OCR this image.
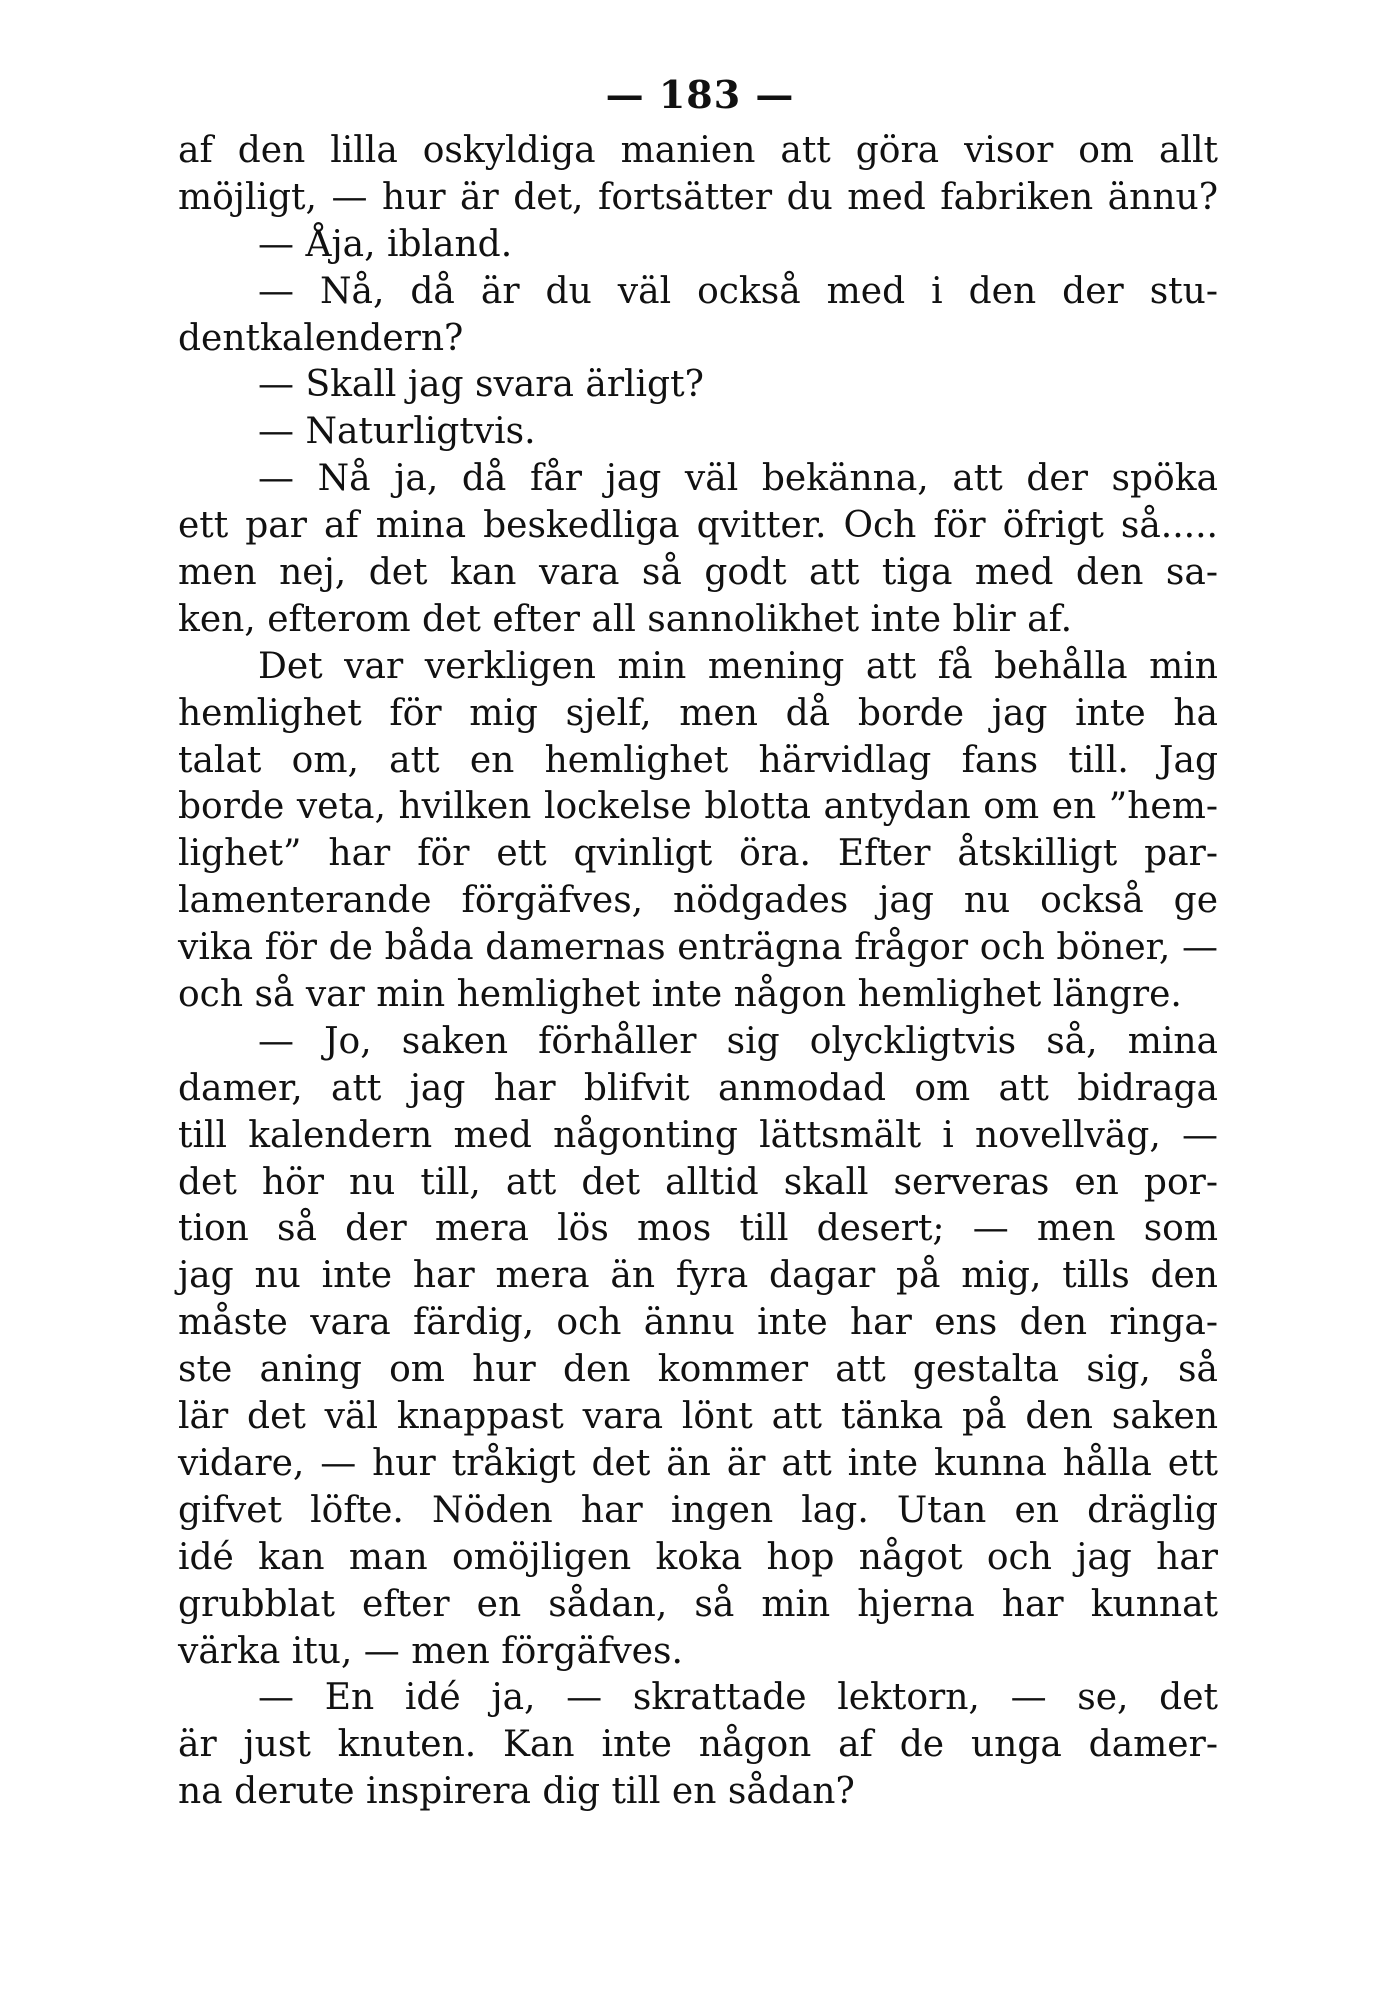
— 183 —
af den lilla oskyldiga manien att göra visor om allt
möjligt, — hur är det, fortsätter du med fabriken ännu?
— Åja, ibland.
— Nå, då är du väl också med i den der stu-
dentkalendern?
— Skall jag svara ärligt?
— Naturligtvis.
— Nå ja, då får jag väl bekänna, att der spöka
ett par af mina beskedliga qvitter. Och för öfrigt så.....
men nej, det kan vara så godt att tiga med den sa-
ken, efterom det efter all sannolikhet inte blir af.
Det var verkligen min mening att få behålla min
hemlighet för mig sjelf, men då borde jag inte ha
talat om, att en hemlighet härvidlag fans till. Jag
borde veta, hvilken lockelse blotta antydan om en ”hem-
lighet” har för ett qvinligt öra. Efter åtskilligt par-
lamenterande förgäfves, nödgades jag nu också ge
vika för de båda damernas enträgna frågor och böner, —
och så var min hemlighet inte någon hemlighet längre.
— Jo, saken förhåller sig olyckligtvis så, mina
damer, att jag har blifvit anmodad om att bidraga
till kalendern med någonting lättsmält i novellväg, —
det hör nu till, att det alltid skall serveras en por-
tion så der mera lös mos till desert; — men som
jag nu inte har mera än fyra dagar på mig, tills den
måste vara färdig, och ännu inte har ens den ringa-
ste aning om hur den kommer att gestalta sig, så
lär det väl knappast vara lönt att tänka på den saken
vidare, — hur tråkigt det än är att inte kunna hålla ett
gifvet löfte. Nöden har ingen lag. Utan en dräglig
idé kan man omöjligen koka hop något och jag har
grubblat efter en sådan, så min hjerna har kunnat
värka itu, — men förgäfves.
— En idé ja, — skrattade lektorn, — se, det
är just knuten. Kan inte någon af de unga damer-
na derute inspirera dig till en sådan?
